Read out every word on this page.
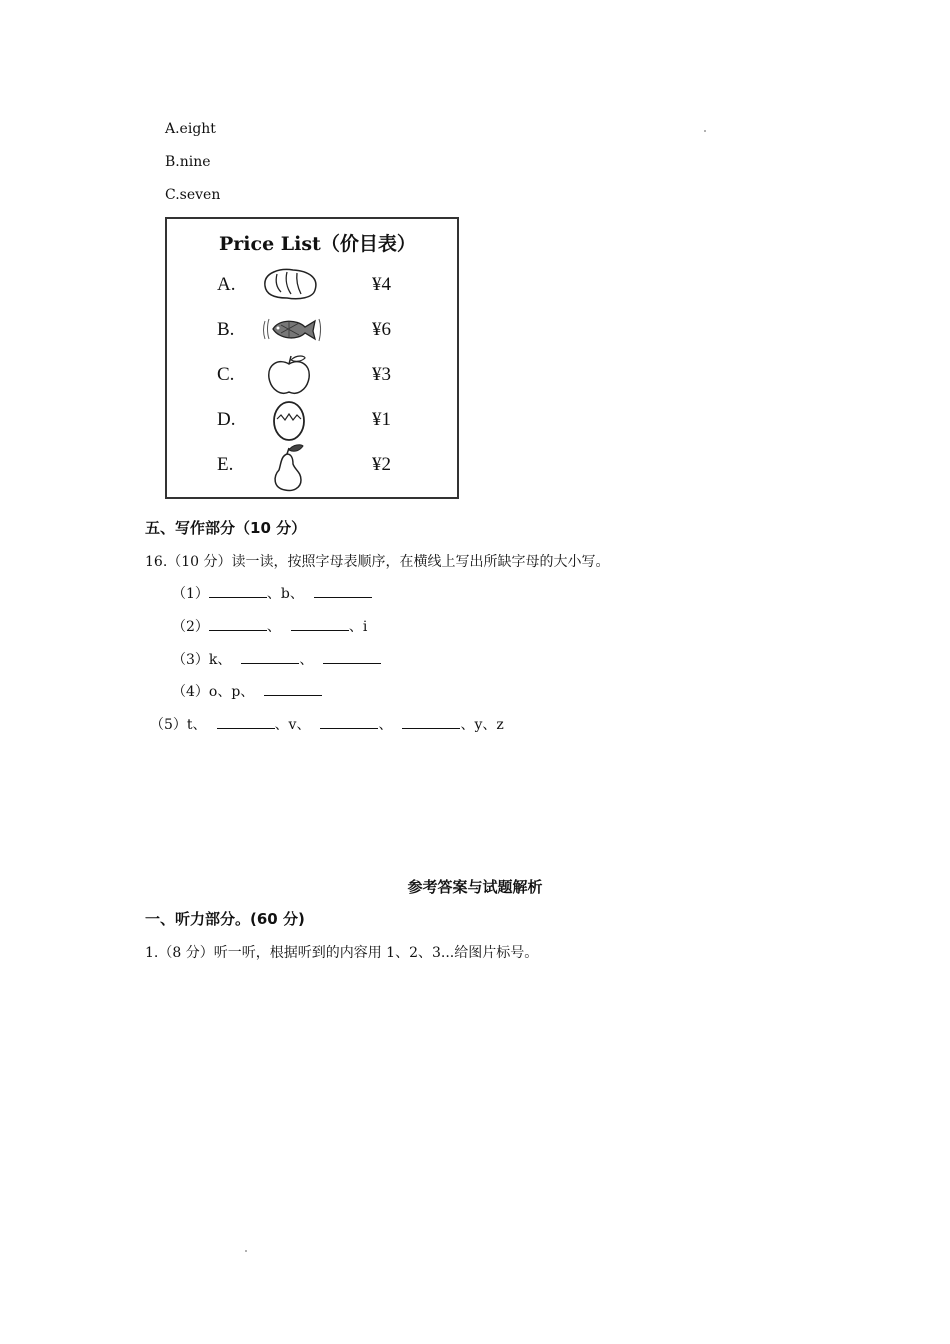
A.eight
B.nine
C.seven
Price List（价目表）
A.	¥4
B.	¥6
C.	¥3
D.	¥1
E.	¥2
五、写作部分（10 分）
16.（10 分）读一读，按照字母表顺序，在横线上写出所缺字母的大小写。
（1）	、b、
（2）	、	、i
（3）k、	、
（4）o、p、
（5）t、	、v、	、	、y、z
参考答案与试题解析
一、听力部分。(60 分)
1.（8 分）听一听，根据听到的内容用 1、2、3...给图片标号。
